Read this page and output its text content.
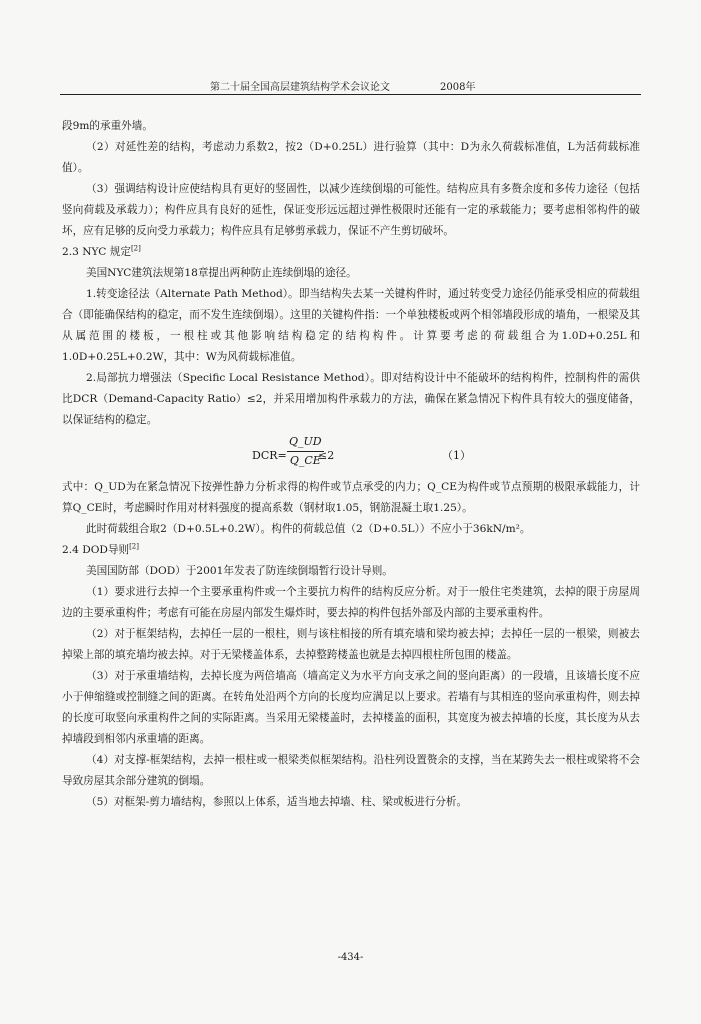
第二十届全国高层建筑结构学术会议论文	2008年

段9m的承重外墙。

（2）对延性差的结构，考虑动力系数2，按2（D+0.25L）进行验算（其中：D为永久荷载标准值，L为活荷载标准值）。

（3）强调结构设计应使结构具有更好的竖固性，以减少连续倒塌的可能性。结构应具有多赘余度和多传力途径（包括竖向荷载及承载力）；构件应具有良好的延性，保证变形远远超过弹性极限时还能有一定的承载能力；要考虑相邻构件的破坏，应有足够的反向受力承载力；构件应具有足够剪承载力，保证不产生剪切破坏。

2.3 NYC 规定[2]

美国NYC建筑法规第18章提出两种防止连续倒塌的途径。

1.转变途径法（Alternate Path Method）。即当结构失去某一关键构件时，通过转变受力途径仍能承受相应的荷载组合（即能确保结构的稳定，而不发生连续倒塌）。这里的关键构件指：一个单独楼板或两个相邻墙段形成的墙角，一根梁及其从属范围的楼板，一根柱或其他影响结构稳定的结构构件。计算要考虑的荷载组合为1.0D+0.25L和1.0D+0.25L+0.2W，其中：W为风荷载标准值。

2.局部抗力增强法（Specific Local Resistance Method）。即对结构设计中不能破坏的结构构件，控制构件的需供比DCR（Demand-Capacity Ratio）≤2，并采用增加构件承载力的方法，确保在紧急情况下构件具有较大的强度储备，以保证结构的稳定。

$DCR= \frac{Q\_UD}{Q\_CE}$
≤2	（1）

式中：Q_UD为在紧急情况下按弹性静力分析求得的构件或节点承受的内力；Q_CE为构件或节点预期的极限承载能力，计算Q_CE时，考虑瞬时作用对材料强度的提高系数（钢材取1.05，钢筋混凝土取1.25）。

此时荷载组合取2（D+0.5L+0.2W）。构件的荷载总值（2（D+0.5L））不应小于36kN/m²。

2.4 DOD导则[2]

美国国防部（DOD）于2001年发表了防连续倒塌暂行设计导则。

（1）要求进行去掉一个主要承重构件或一个主要抗力构件的结构反应分析。对于一般住宅类建筑，去掉的限于房屋周边的主要承重构件；考虑有可能在房屋内部发生爆炸时，要去掉的构件包括外部及内部的主要承重构件。

（2）对于框架结构，去掉任一层的一根柱，则与该柱相接的所有填充墙和梁均被去掉；去掉任一层的一根梁，则被去掉梁上部的填充墙均被去掉。对于无梁楼盖体系，去掉整跨楼盖也就是去掉四根柱所包围的楼盖。

（3）对于承重墙结构，去掉长度为两倍墙高（墙高定义为水平方向支承之间的竖向距离）的一段墙，且该墙长度不应小于伸缩缝或控制缝之间的距离。在转角处沿两个方向的长度均应满足以上要求。若墙有与其相连的竖向承重构件，则去掉的长度可取竖向承重构件之间的实际距离。当采用无梁楼盖时，去掉楼盖的面积，其宽度为被去掉墙的长度，其长度为从去掉墙段到相邻内承重墙的距离。

（4）对支撑-框架结构，去掉一根柱或一根梁类似框架结构。沿柱列设置赘余的支撑，当在某跨失去一根柱或梁将不会导致房屋其余部分建筑的倒塌。

（5）对框架-剪力墙结构，参照以上体系，适当地去掉墙、柱、梁或板进行分析。

-434-
